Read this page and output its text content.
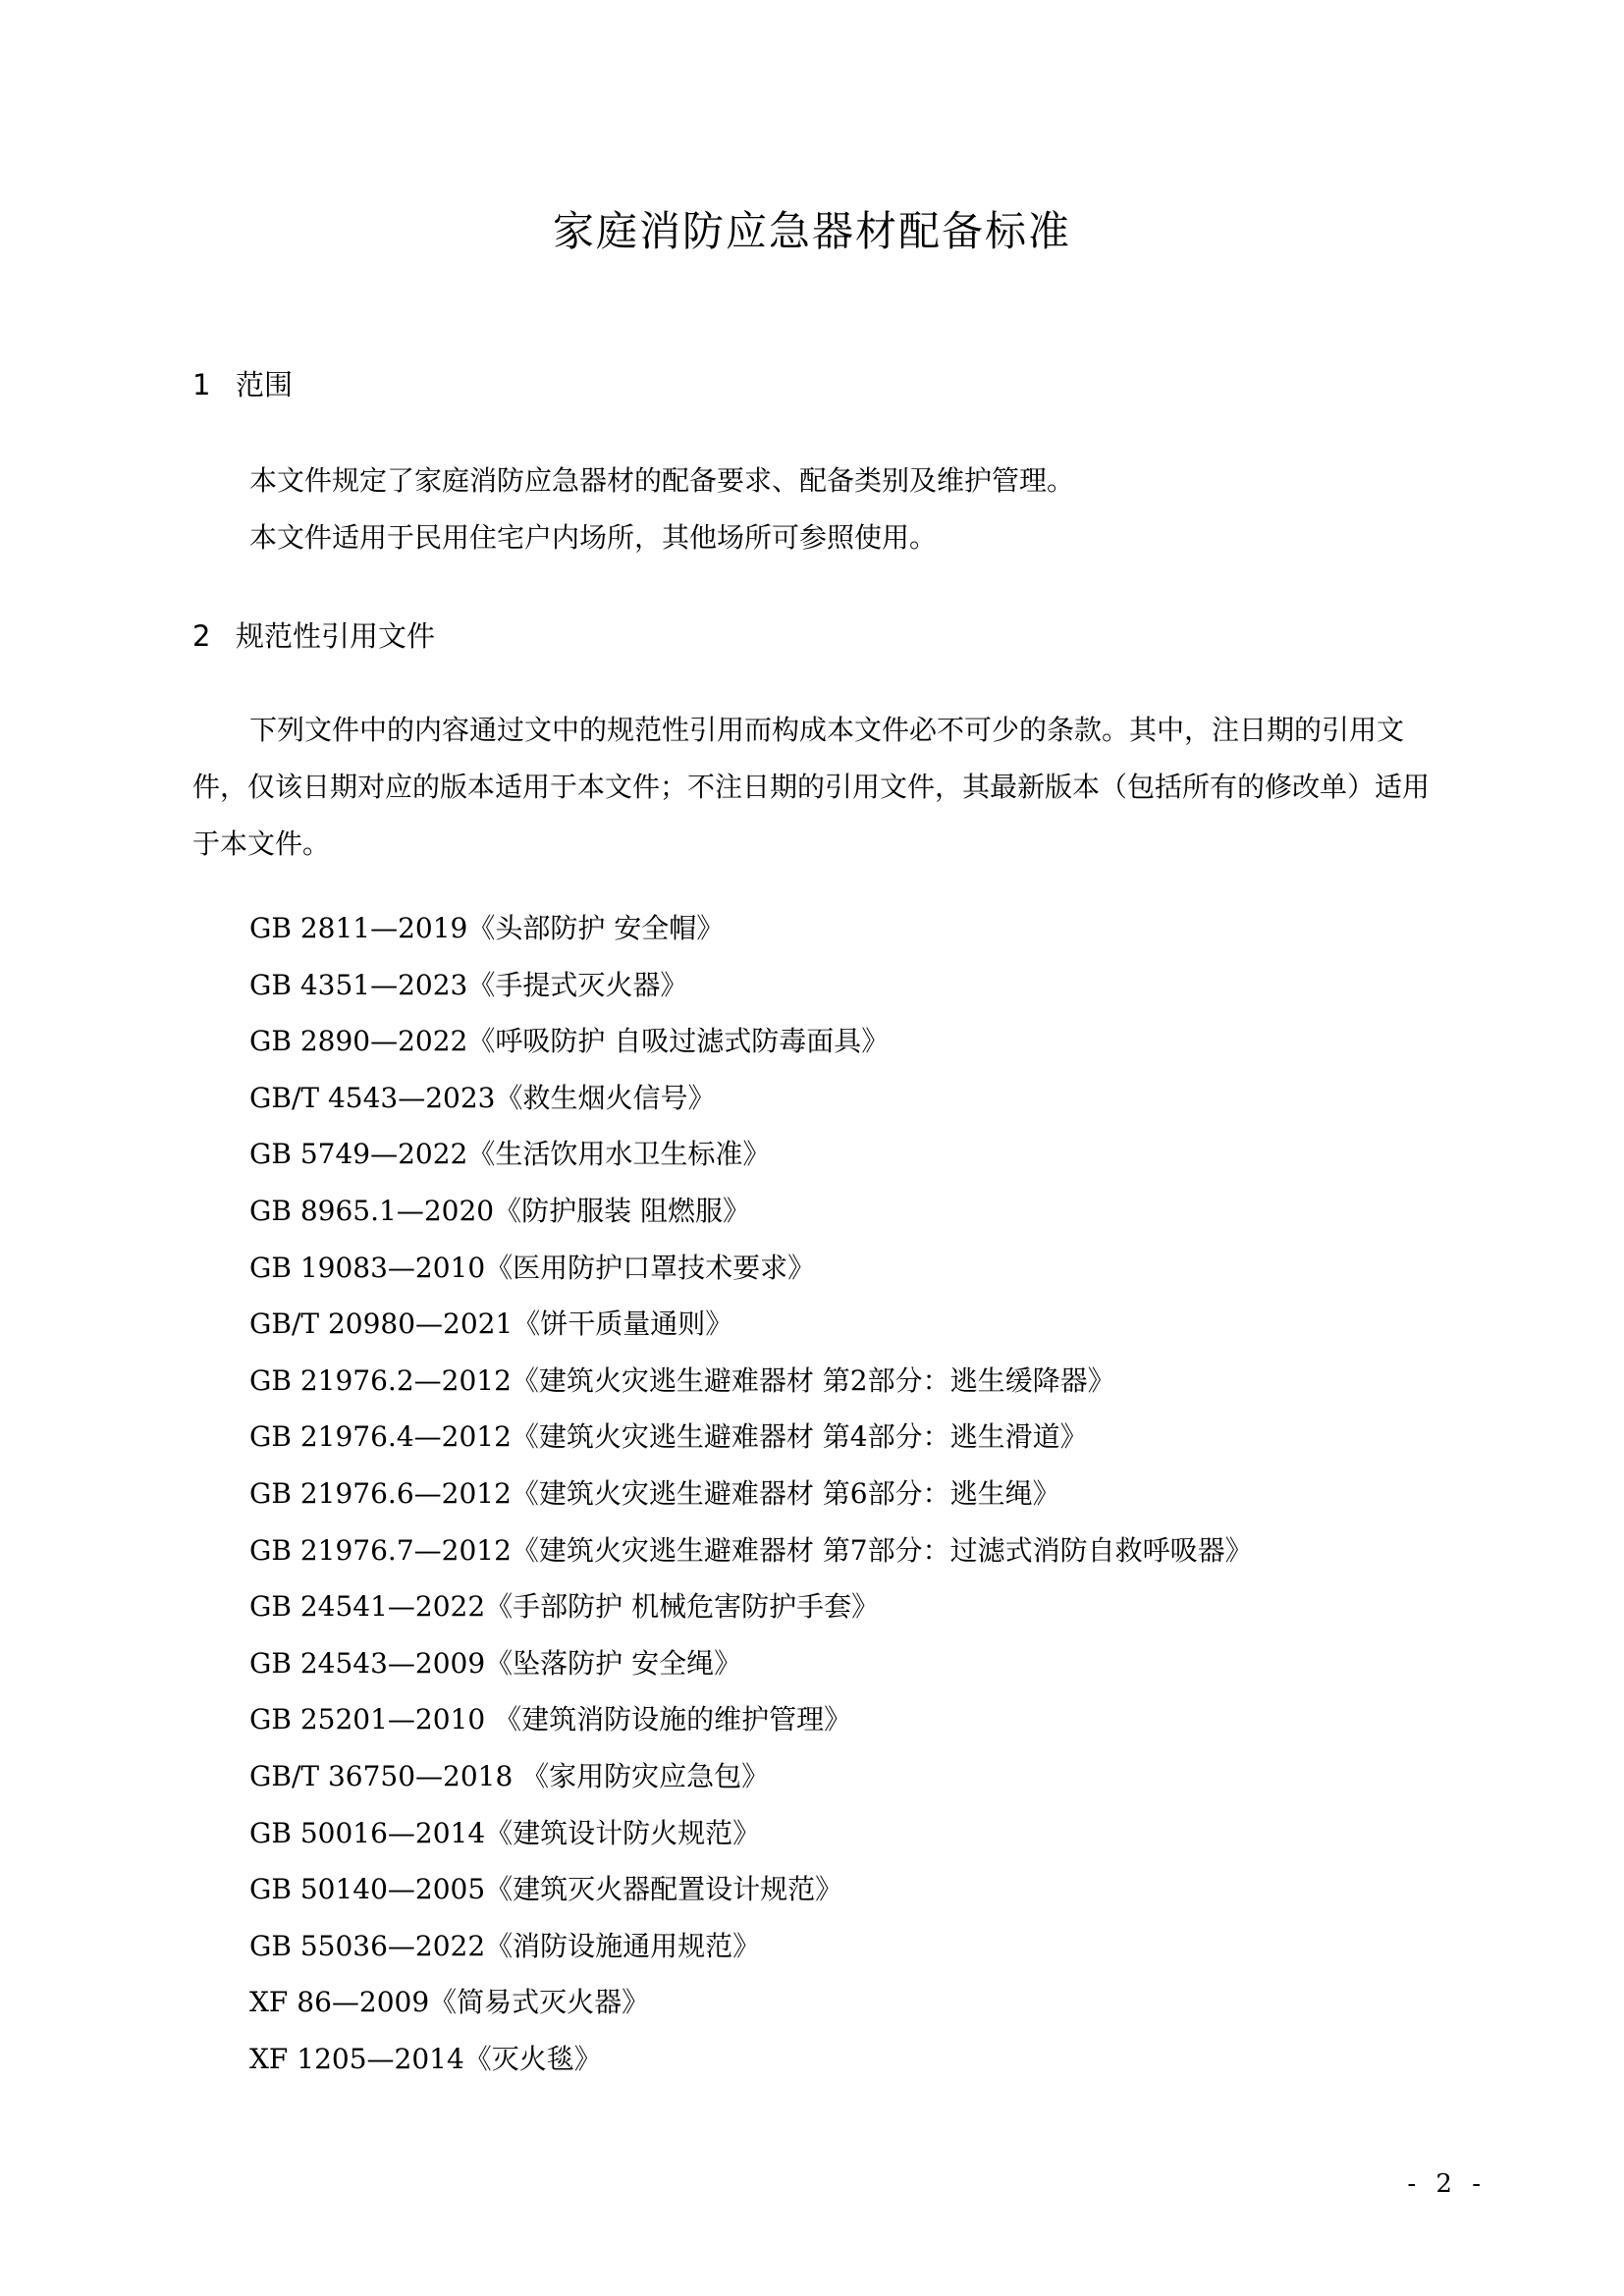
家庭消防应急器材配备标准
1 范围
本文件规定了家庭消防应急器材的配备要求、配备类别及维护管理。
本文件适用于民用住宅户内场所，其他场所可参照使用。
2 规范性引用文件

下列文件中的内容通过文中的规范性引用而构成本文件必不可少的条款。其中，注日期的引用文件，仅该日期对应的版本适用于本文件；不注日期的引用文件，其最新版本（包括所有的修改单）适用于本文件。

GB 2811—2019《头部防护 安全帽》
GB 4351—2023《手提式灭火器》
GB 2890—2022《呼吸防护 自吸过滤式防毒面具》
GB/T 4543—2023《救生烟火信号》
GB 5749—2022《生活饮用水卫生标准》
GB 8965.1—2020《防护服装 阻燃服》
GB 19083—2010《医用防护口罩技术要求》
GB/T 20980—2021《饼干质量通则》
GB 21976.2—2012《建筑火灾逃生避难器材 第2部分：逃生缓降器》
GB 21976.4—2012《建筑火灾逃生避难器材 第4部分：逃生滑道》
GB 21976.6—2012《建筑火灾逃生避难器材 第6部分：逃生绳》
GB 21976.7—2012《建筑火灾逃生避难器材 第7部分：过滤式消防自救呼吸器》
GB 24541—2022《手部防护 机械危害防护手套》
GB 24543—2009《坠落防护 安全绳》
GB 25201—2010 《建筑消防设施的维护管理》
GB/T 36750—2018 《家用防灾应急包》
GB 50016—2014《建筑设计防火规范》
GB 50140—2005《建筑灭火器配置设计规范》
GB 55036—2022《消防设施通用规范》
XF 86—2009《简易式灭火器》
XF 1205—2014《灭火毯》
- 2 -
